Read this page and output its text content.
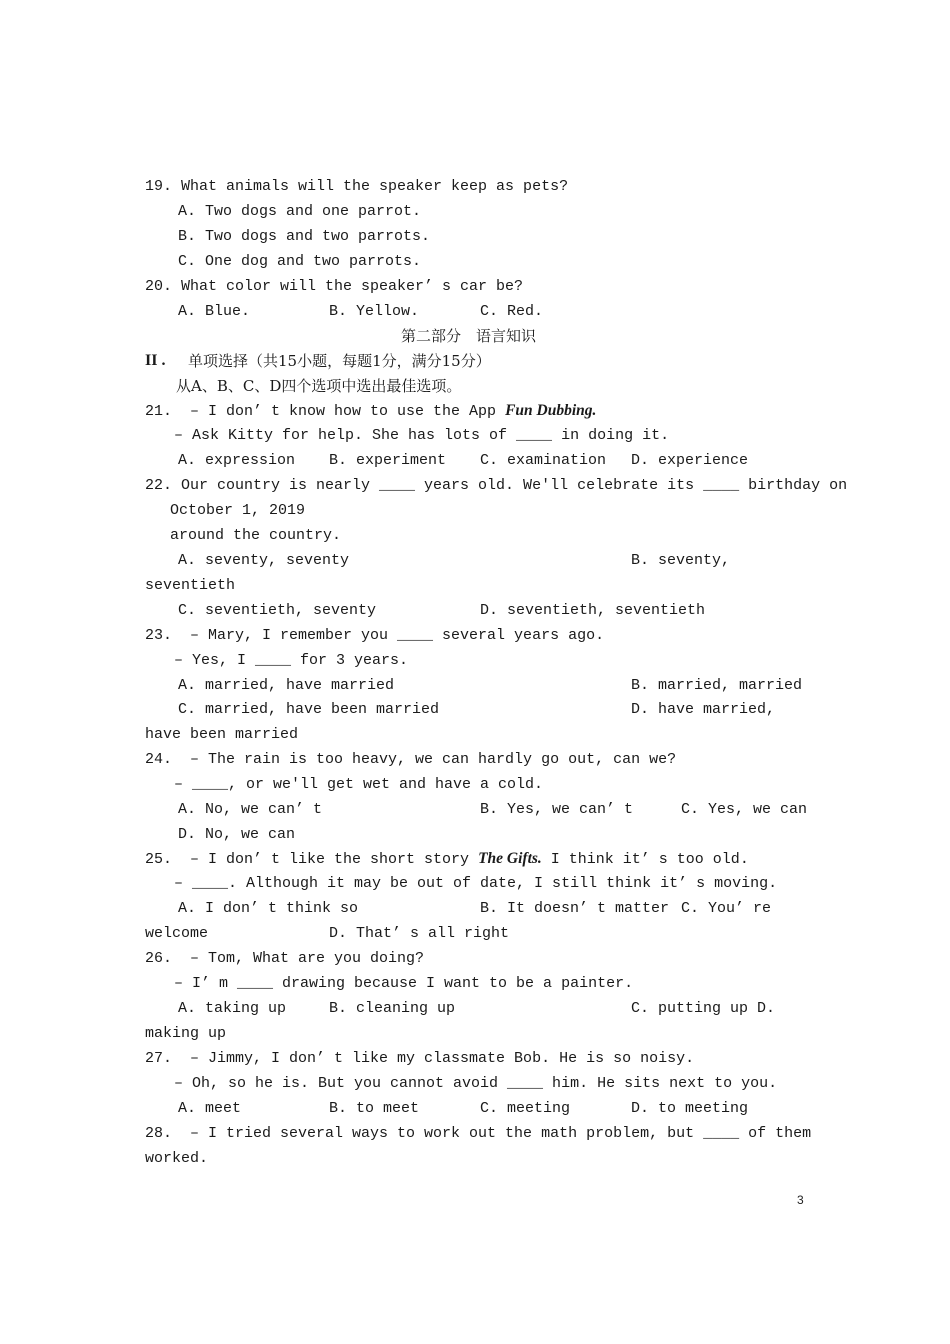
19. What animals will the speaker keep as pets?
A. Two dogs and one parrot.
B. Two dogs and two parrots.
C. One dog and two parrots.
20. What color will the speaker’ s car be?
A. Blue.	B. Yellow.	C. Red.
第二部分　语言知识
II . 单项选择（共15小题，每题1分，满分15分）
从A、B、C、D四个选项中选出最佳选项。
21.  – I don’ t know how to use the App Fun Dubbing.
– Ask Kitty for help. She has lots of ____ in doing it.
A. expression B. experiment C. examination D. experience
22. Our country is nearly ____ years old. We'll celebrate its ____ birthday on
October 1, 2019
around the country.
A. seventy, seventy	B. seventy,
seventieth
C. seventieth, seventy	D. seventieth, seventieth
23.  – Mary, I remember you ____ several years ago.
– Yes, I ____ for 3 years.
A. married, have married	B. married, married
C. married, have been married	D. have married,
have been married
24.  – The rain is too heavy, we can hardly go out, can we?
– ____, or we'll get wet and have a cold.
A. No, we can’ t	B. Yes, we can’ t	C. Yes, we can
D. No, we can
25.  – I don’ t like the short story The Gifts. I think it’ s too old.
– ____. Although it may be out of date, I still think it’ s moving.
A. I don’ t think so	B. It doesn’ t matter C. You’ re
welcome	D. That’ s all right
26.  – Tom, What are you doing?
– I’ m ____ drawing because I want to be a painter.
A. taking up	B. cleaning up	C. putting up D.
making up
27.  – Jimmy, I don’ t like my classmate Bob. He is so noisy.
– Oh, so he is. But you cannot avoid ____ him. He sits next to you.
A. meet	B. to meet	C. meeting	D. to meeting
28.  – I tried several ways to work out the math problem, but ____ of them
worked.
3
